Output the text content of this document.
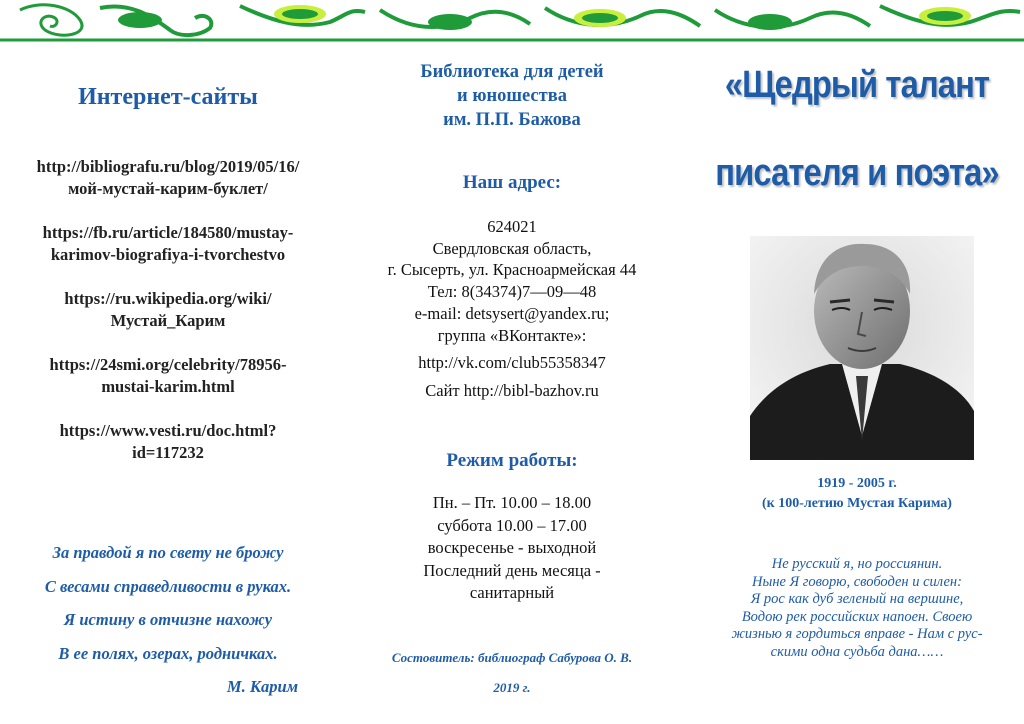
Интернет-сайты
http://bibliografu.ru/blog/2019/05/16/
мой-мустай-карим-буклет/
https://fb.ru/article/184580/mustay-
karimov-biografiya-i-tvorchestvo
https://ru.wikipedia.org/wiki/
Мустай_Карим
https://24smi.org/celebrity/78956-
mustai-karim.html
https://www.vesti.ru/doc.html?
id=117232
За правдой я по свету не брожу
С весами справедливости в руках.
Я истину в отчизне нахожу
В ее полях, озерах, родничках.
М. Карим
Библиотека для детей
и юношества
им. П.П. Бажова
Наш адрес:
624021
Свердловская область,
г. Сысерть, ул. Красноармейская 44
Тел: 8(34374)7—09—48
e-mail: detsysert@yandex.ru;
группа «ВКонтакте»:
http://vk.com/club55358347
Сайт http://bibl-bazhov.ru
Режим работы:
Пн. – Пт. 10.00 – 18.00
суббота 10.00 – 17.00
воскресенье - выходной
Последний день месяца -
санитарный
Состовитель: библиограф Сабурова О. В.
2019 г.
«Щедрый талант
писателя и поэта»
1919 - 2005 г.
(к 100-летию Мустая Карима)
Не русский я, но россиянин.
Ныне Я говорю, свободен и силен:
Я рос как дуб зеленый на вершине,
Водою рек российских напоен. Своею
жизнью я гордиться вправе - Нам с рус-
скими одна судьба дана……
